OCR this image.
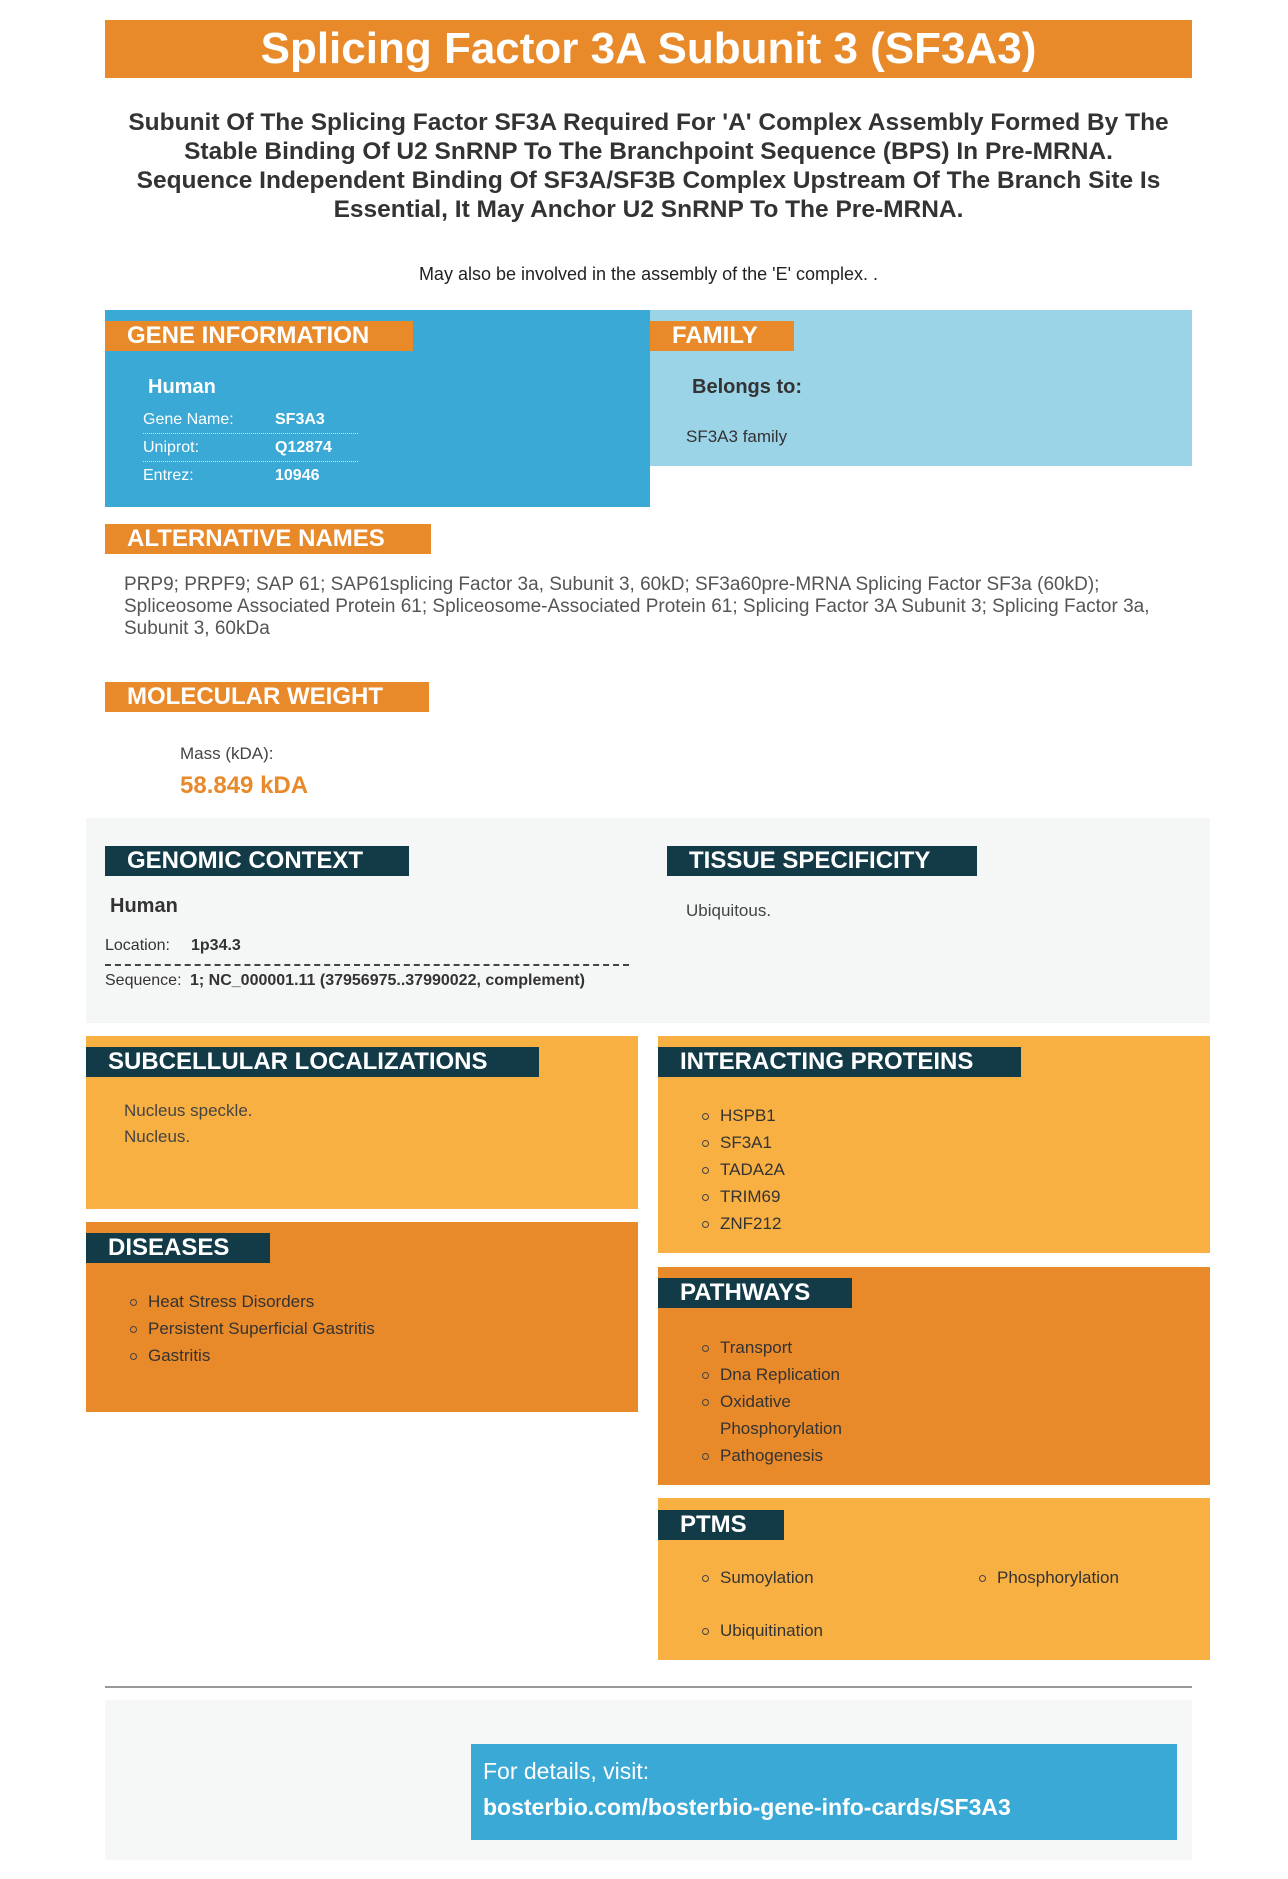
Splicing Factor 3A Subunit 3 (SF3A3)
Subunit Of The Splicing Factor SF3A Required For 'A' Complex Assembly Formed By The Stable Binding Of U2 SnRNP To The Branchpoint Sequence (BPS) In Pre-MRNA. Sequence Independent Binding Of SF3A/SF3B Complex Upstream Of The Branch Site Is Essential, It May Anchor U2 SnRNP To The Pre-MRNA.
May also be involved in the assembly of the 'E' complex. .
Human
Gene Name:	SF3A3
Uniprot:	Q12874
Entrez:	10946
GENE INFORMATION
Belongs to:
SF3A3 family
FAMILY
ALTERNATIVE NAMES
PRP9; PRPF9; SAP 61; SAP61splicing Factor 3a, Subunit 3, 60kD; SF3a60pre-MRNA Splicing Factor SF3a (60kD); Spliceosome Associated Protein 61; Spliceosome-Associated Protein 61; Splicing Factor 3A Subunit 3; Splicing Factor 3a, Subunit 3, 60kDa
MOLECULAR WEIGHT
Mass (kDA):
58.849 kDA
GENOMIC CONTEXT
Human
Location:	1p34.3
Sequence: 1; NC_000001.11 (37956975..37990022, complement)
TISSUE SPECIFICITY
Ubiquitous.
SUBCELLULAR LOCALIZATIONS
Nucleus speckle.
Nucleus.
DISEASES
Heat Stress Disorders
Persistent Superficial Gastritis
Gastritis
INTERACTING PROTEINS
HSPB1
SF3A1
TADA2A
TRIM69
ZNF212
PATHWAYS
Transport
Dna Replication
Oxidative Phosphorylation
Pathogenesis
PTMS
Sumoylation	Phosphorylation
Ubiquitination
For details, visit:
bosterbio.com/bosterbio-gene-info-cards/SF3A3
